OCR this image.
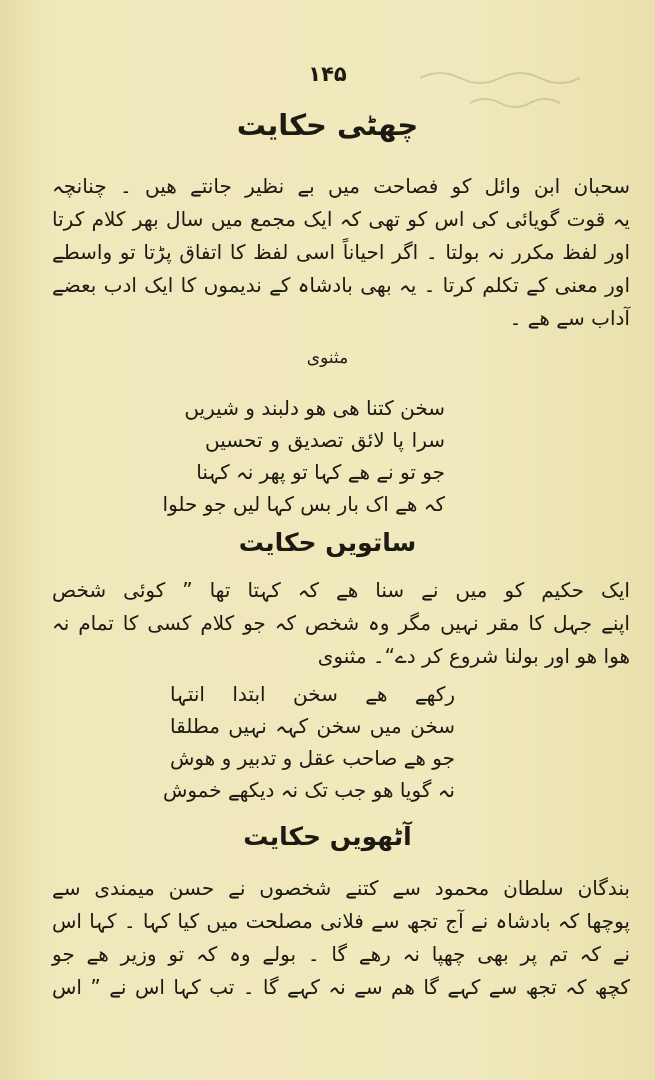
۱۴۵
چھٹی حکایت
سحبان ابن وائل کو فصاحت میں بے نظیر جانتے ھیں ۔ چنانچہ
یہ قوت گویائی کی اس کو تھی کہ ایک مجمع میں سال بھر کلام کرتا
اور لفظ مکرر نہ بولتا ۔ اگر احیاناً اسی لفظ کا اتفاق پڑتا تو واسطے
اور معنی کے تکلم کرتا ۔ یہ بھی بادشاہ کے ندیموں کا ایک ادب بعضے
آداب سے ھے ۔
مثنوی
سخن کتنا ھی ھو دلبند و شیریں
سرا پا لائق تصدیق و تحسیں
جو تو نے ھے کہا تو پھر نہ کہنا
کہ ھے اک بار بس کہا لیں جو حلوا
ساتویں حکایت
ایک حکیم کو میں نے سنا ھے کہ کہتا تھا ” کوئی شخص
اپنے جہل کا مقر نہیں مگر وہ شخص کہ جو کلام کسی کا تمام نہ
ھوا ھو اور بولنا شروع کر دے“۔ مثنوی
رکھے ھے سخن ابتدا انتہا
سخن میں سخن کہہ نہیں مطلقا
جو ھے صاحب عقل و تدبیر و ھوش
نہ گویا ھو جب تک نہ دیکھے خموش
آٹھویں حکایت
بندگان سلطان محمود سے کتنے شخصوں نے حسن میمندی سے
پوچھا کہ بادشاہ نے آج تجھ سے فلانی مصلحت میں کیا کہا ۔ کہا اس
نے کہ تم پر بھی چھپا نہ رھے گا ۔ بولے وہ کہ تو وزیر ھے جو
کچھ کہ تجھ سے کہے گا ھم سے نہ کہے گا ۔ تب کہا اس نے ” اس
